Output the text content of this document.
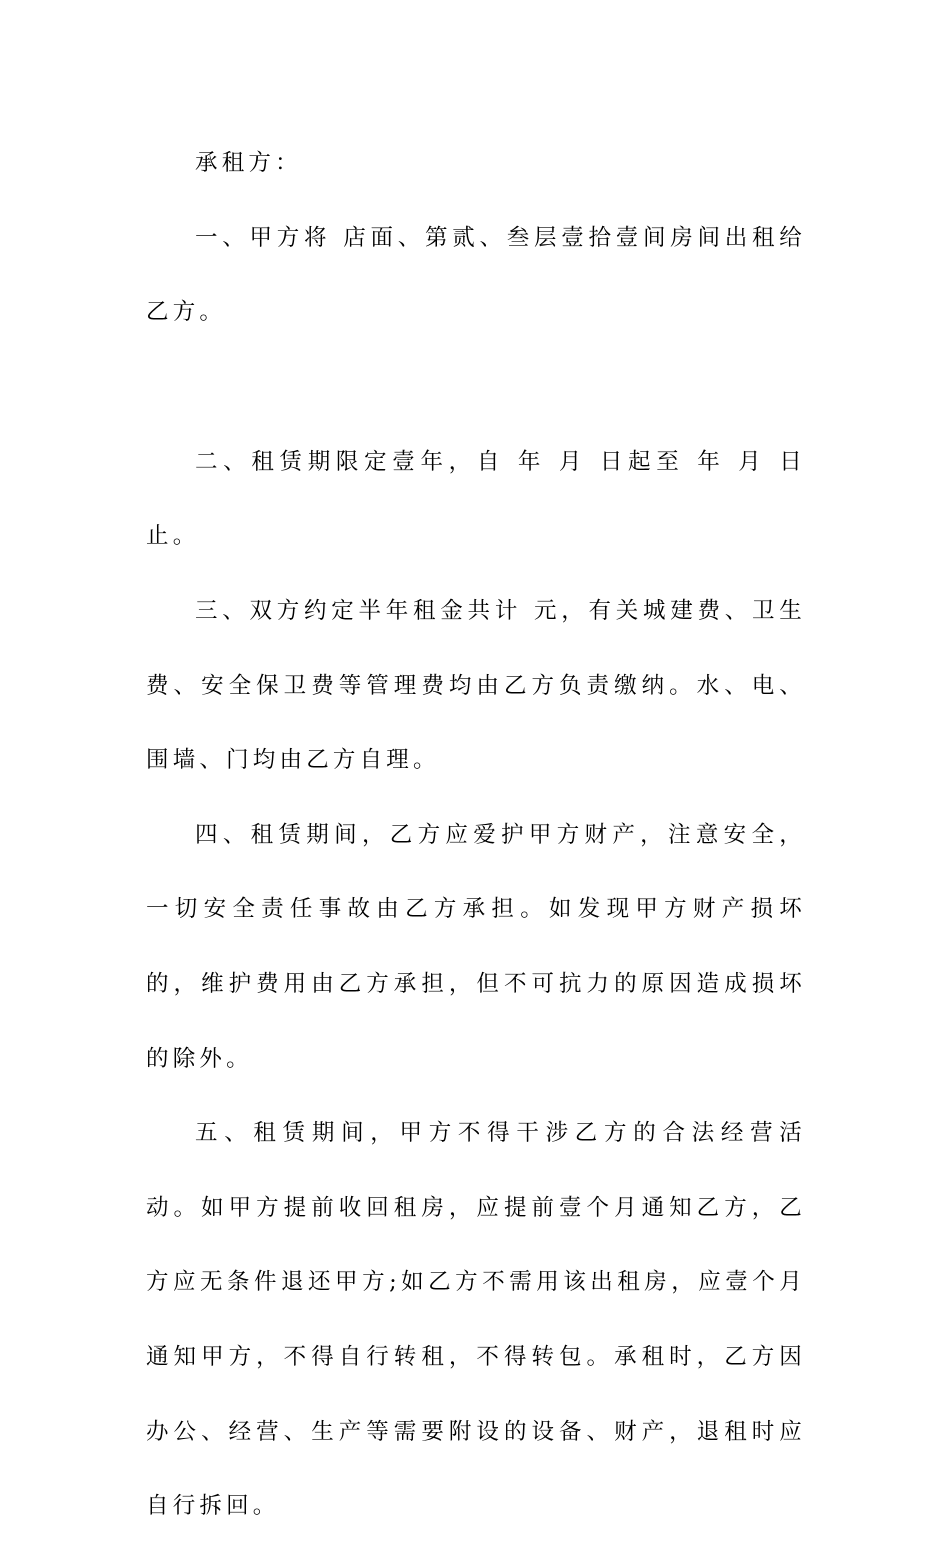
承租方：

一、甲方将 店面、第贰、叁层壹拾壹间房间出租给乙方。

二、租赁期限定壹年，自 年 月 日起至 年 月 日止。

三、双方约定半年租金共计 元，有关城建费、卫生费、安全保卫费等管理费均由乙方负责缴纳。水、电、围墙、门均由乙方自理。

四、租赁期间，乙方应爱护甲方财产，注意安全，一切安全责任事故由乙方承担。如发现甲方财产损坏的，维护费用由乙方承担，但不可抗力的原因造成损坏的除外。

五、租赁期间，甲方不得干涉乙方的合法经营活动。如甲方提前收回租房，应提前壹个月通知乙方，乙方应无条件退还甲方;如乙方不需用该出租房，应壹个月通知甲方，不得自行转租，不得转包。承租时，乙方因办公、经营、生产等需要附设的设备、财产，退租时应自行拆回。
